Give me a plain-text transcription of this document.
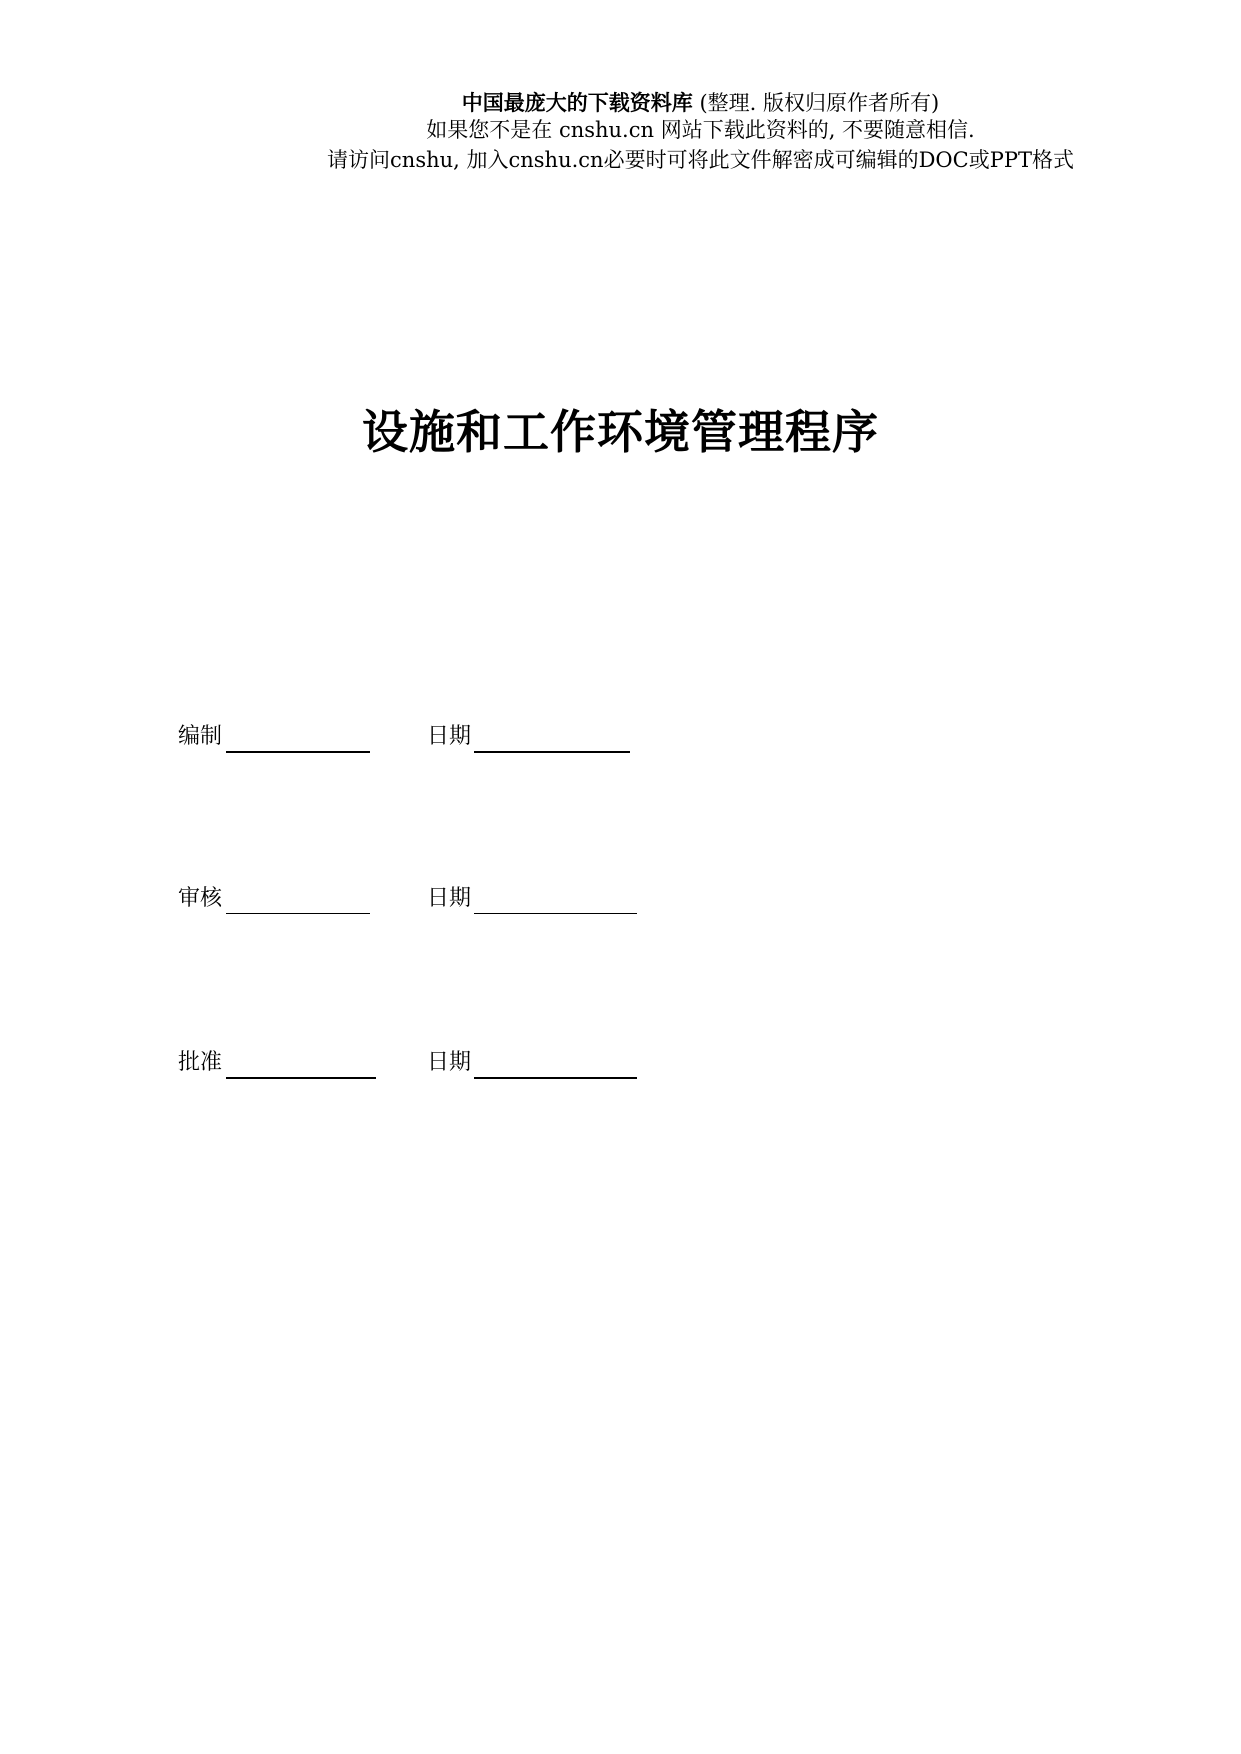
中国最庞大的下载资料库 (整理. 版权归原作者所有)
如果您不是在 cnshu.cn 网站下载此资料的, 不要随意相信.
请访问cnshu, 加入cnshu.cn必要时可将此文件解密成可编辑的DOC或PPT格式
设施和工作环境管理程序
编制	日期
审核	日期
批准	日期
